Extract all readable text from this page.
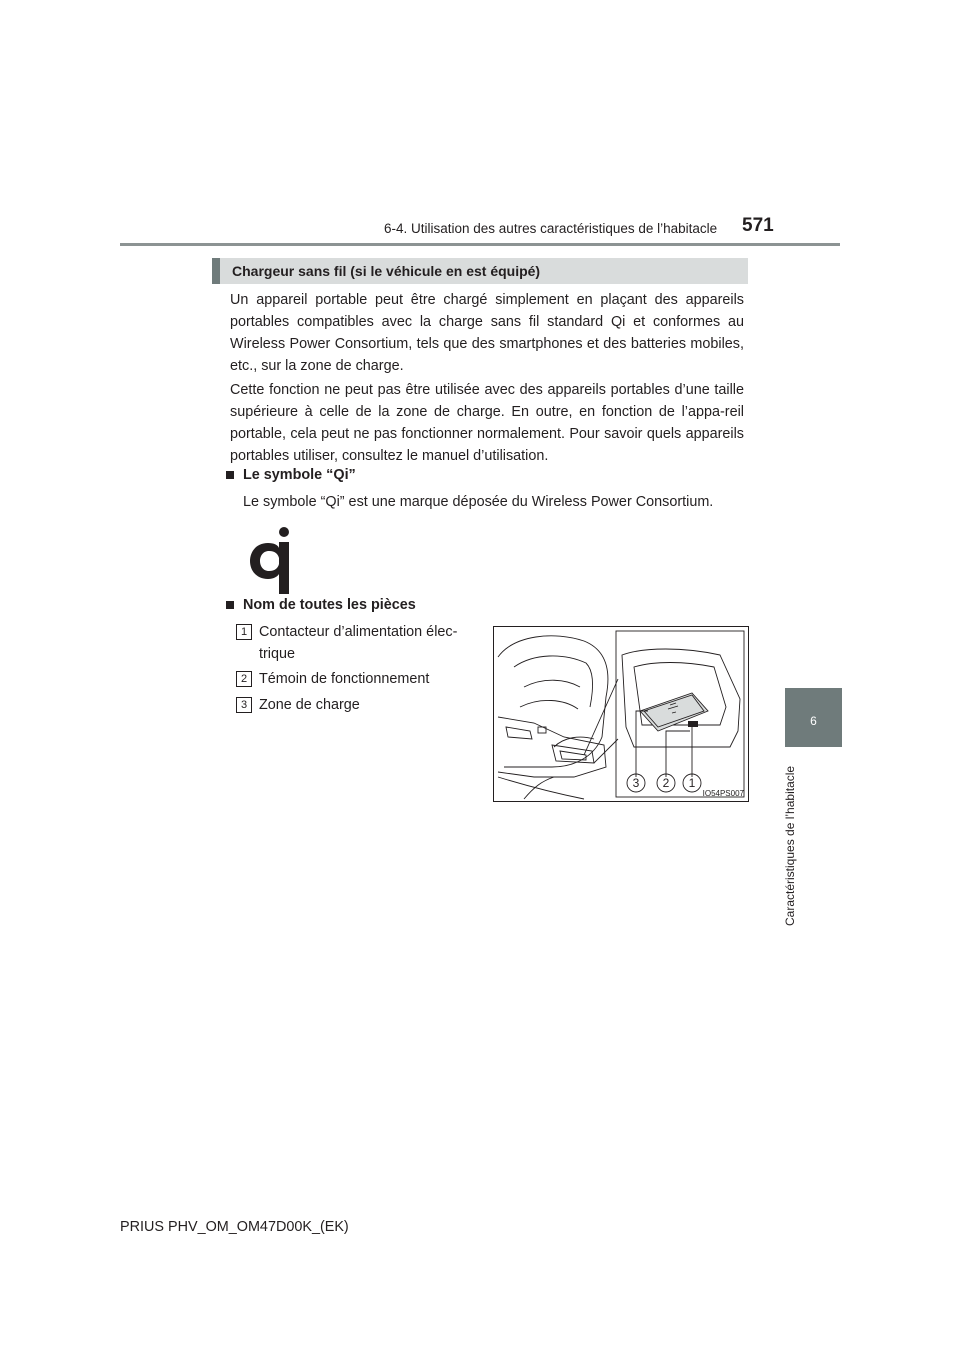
6-4. Utilisation des autres caractéristiques de l’habitacle 571
6
Caractéristiques de l’habitacle
Chargeur sans fil (si le véhicule en est équipé)

Un appareil portable peut être chargé simplement en plaçant des appareils portables compatibles avec la charge sans fil standard Qi et conformes au Wireless Power Consortium, tels que des smartphones et des batteries mobiles, etc., sur la zone de charge.

Cette fonction ne peut pas être utilisée avec des appareils portables d’une taille supérieure à celle de la zone de charge. En outre, en fonction de l’appa-reil portable, cela peut ne pas fonctionner normalement. Pour savoir quels appareils portables utiliser, consultez le manuel d’utilisation.

Le symbole “Qi”
Le symbole “Qi” est une marque déposée du Wireless Power Consortium.
Nom de toutes les pièces
1 Contacteur d’alimentation élec-trique
2 Témoin de fonctionnement
3 Zone de charge
3 2 1
IO54PS007
PRIUS PHV_OM_OM47D00K_(EK)
